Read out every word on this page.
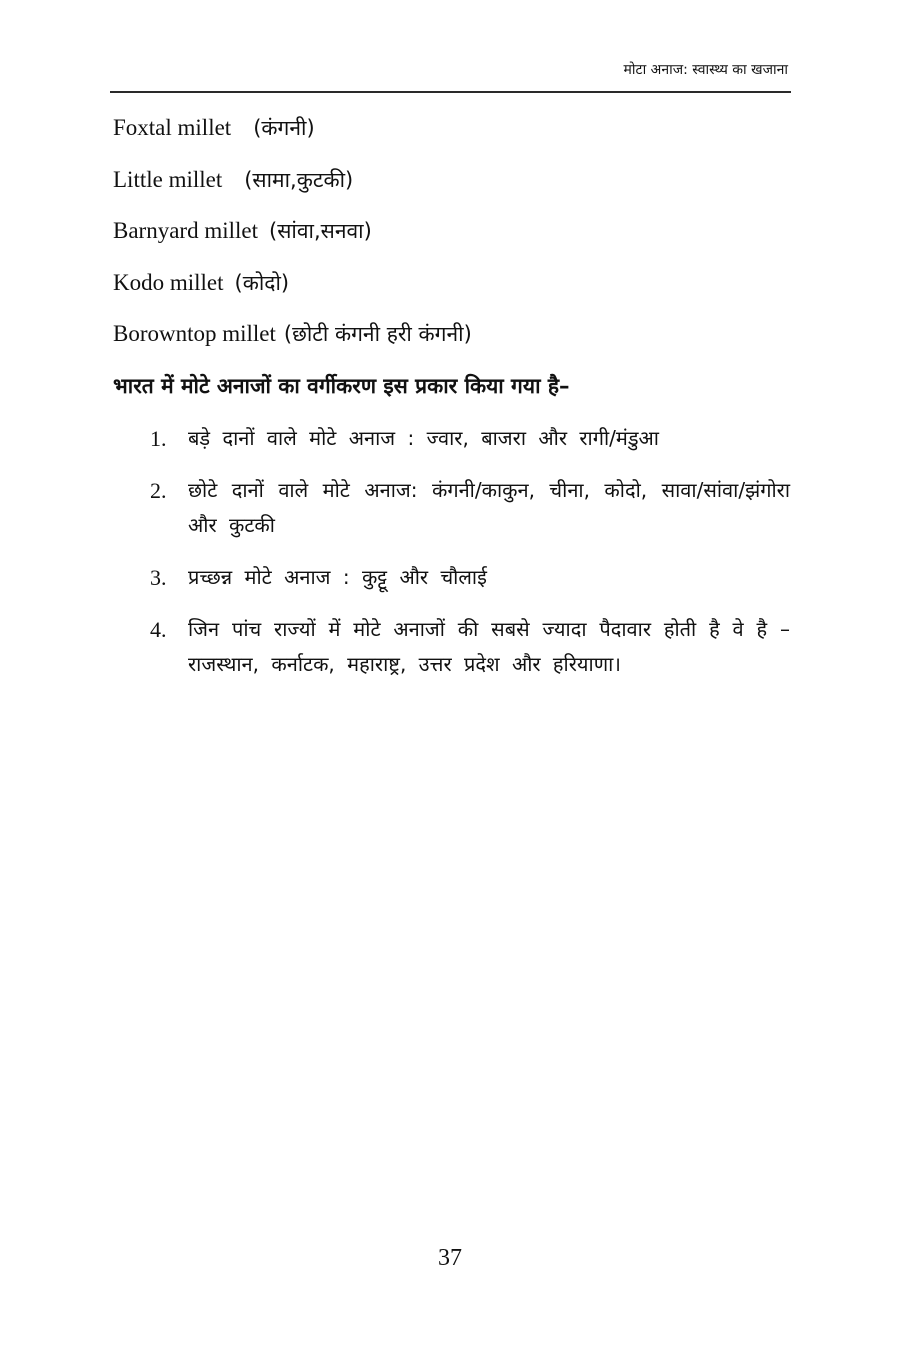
मोटा अनाज: स्वास्थ्य का खजाना
Foxtal millet (कंगनी)
Little millet (सामा,कुटकी)
Barnyard millet (सांवा,सनवा)
Kodo millet (कोदो)
Borowntop millet (छोटी कंगनी हरी कंगनी)
भारत में मोटे अनाजों का वर्गीकरण इस प्रकार किया गया है–
1. बड़े दानों वाले मोटे अनाज : ज्वार, बाजरा और रागी/मंडुआ
2. छोटे दानों वाले मोटे अनाज: कंगनी/काकुन, चीना, कोदो, सावा/सांवा/झंगोरा और कुटकी
3. प्रच्छन्न मोटे अनाज : कुट्टू और चौलाई
4. जिन पांच राज्यों में मोटे अनाजों की सबसे ज्यादा पैदावार होती है वे है – राजस्थान, कर्नाटक, महाराष्ट्र, उत्तर प्रदेश और हरियाणा।
37
